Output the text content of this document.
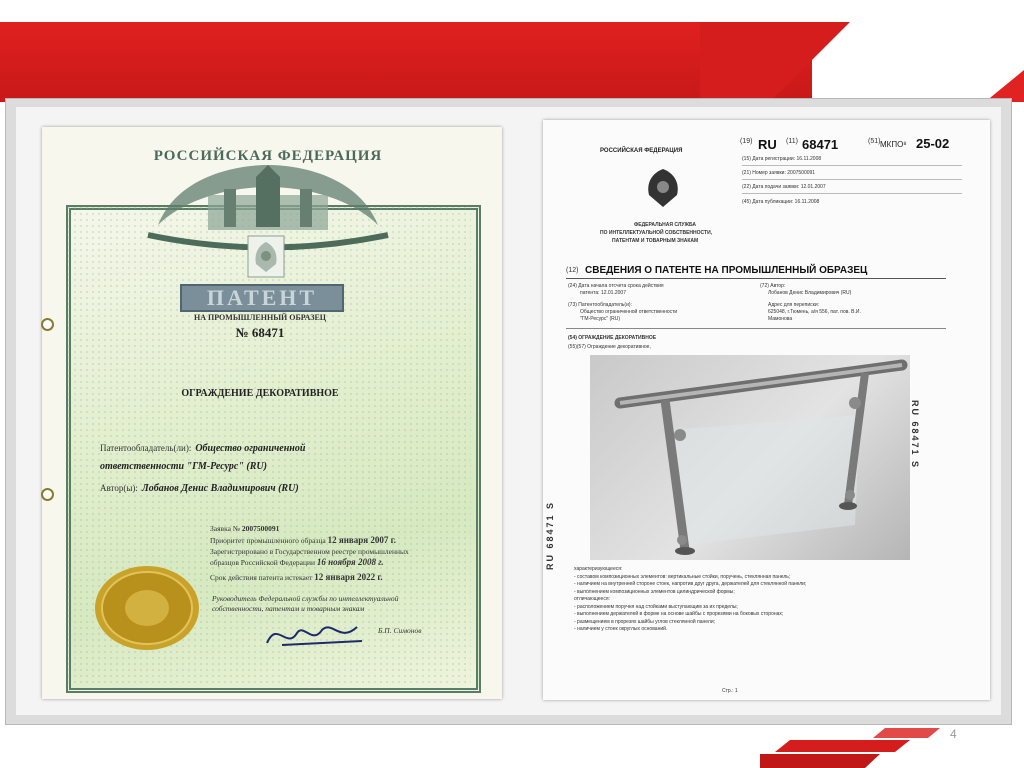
4
РОССИЙСКАЯ ФЕДЕРАЦИЯ
ПАТЕНТ
НА ПРОМЫШЛЕННЫЙ ОБРАЗЕЦ
№ 68471
ОГРАЖДЕНИЕ ДЕКОРАТИВНОЕ
Патентообладатель(ли): Общество ограниченной
ответственности "ГМ-Ресурс" (RU)
Автор(ы): Лобанов Денис Владимирович (RU)
Заявка № 2007500091
Приоритет промышленного образца 12 января 2007 г.
Зарегистрировано в Государственном реестре промышленных
образцов Российской Федерации 16 ноября 2008 г.
Срок действия патента истекает 12 января 2022 г.
Руководитель Федеральной службы по интеллектуальной
собственности, патентам и товарным знакам
Б.П. Симонов
РОССИЙСКАЯ ФЕДЕРАЦИЯ
ФЕДЕРАЛЬНАЯ СЛУЖБА
ПО ИНТЕЛЛЕКТУАЛЬНОЙ СОБСТВЕННОСТИ,
ПАТЕНТАМ И ТОВАРНЫМ ЗНАКАМ
(19) RU (11) 68471	(51) МКПО⁸ 25-02
(15) Дата регистрации: 16.11.2008
(21) Номер заявки: 2007500091
(22) Дата подачи заявки: 12.01.2007
(45) Дата публикации: 16.11.2008
(12) СВЕДЕНИЯ О ПАТЕНТЕ НА ПРОМЫШЛЕННЫЙ ОБРАЗЕЦ
(24) Дата начала отсчета срока действия
патента: 12.01.2007
(72) Автор:
Лобанов Денис Владимирович (RU)
(73) Патентообладатель(и):
Общество ограниченной ответственности
"ГМ-Ресурс" (RU)
Адрес для переписки:
625048, г.Тюмень, а/я 556, пат. пов. В.И.
Мамонова
(54) ОГРАЖДЕНИЕ ДЕКОРАТИВНОЕ
(55)(57) Ограждение декоративное,
RU 68471 S
RU 68471 S	характеризующееся:
- составом композиционных элементов: вертикальные стойки, поручень, стеклянная панель;
- наличием на внутренней стороне стоек, напротив друг друга, держателей для стеклянной панели;
- выполнением композиционных элементов цилиндрической формы;
отличающееся:
- расположением поручня над стойками выступающим за их пределы;
- выполнением держателей в форме на основе шайбы с прорезями на боковых сторонах;
- размещением в прорезях шайбы углов стеклянной панели;
- наличием у стоек округлых оснований.
Стр.: 1
